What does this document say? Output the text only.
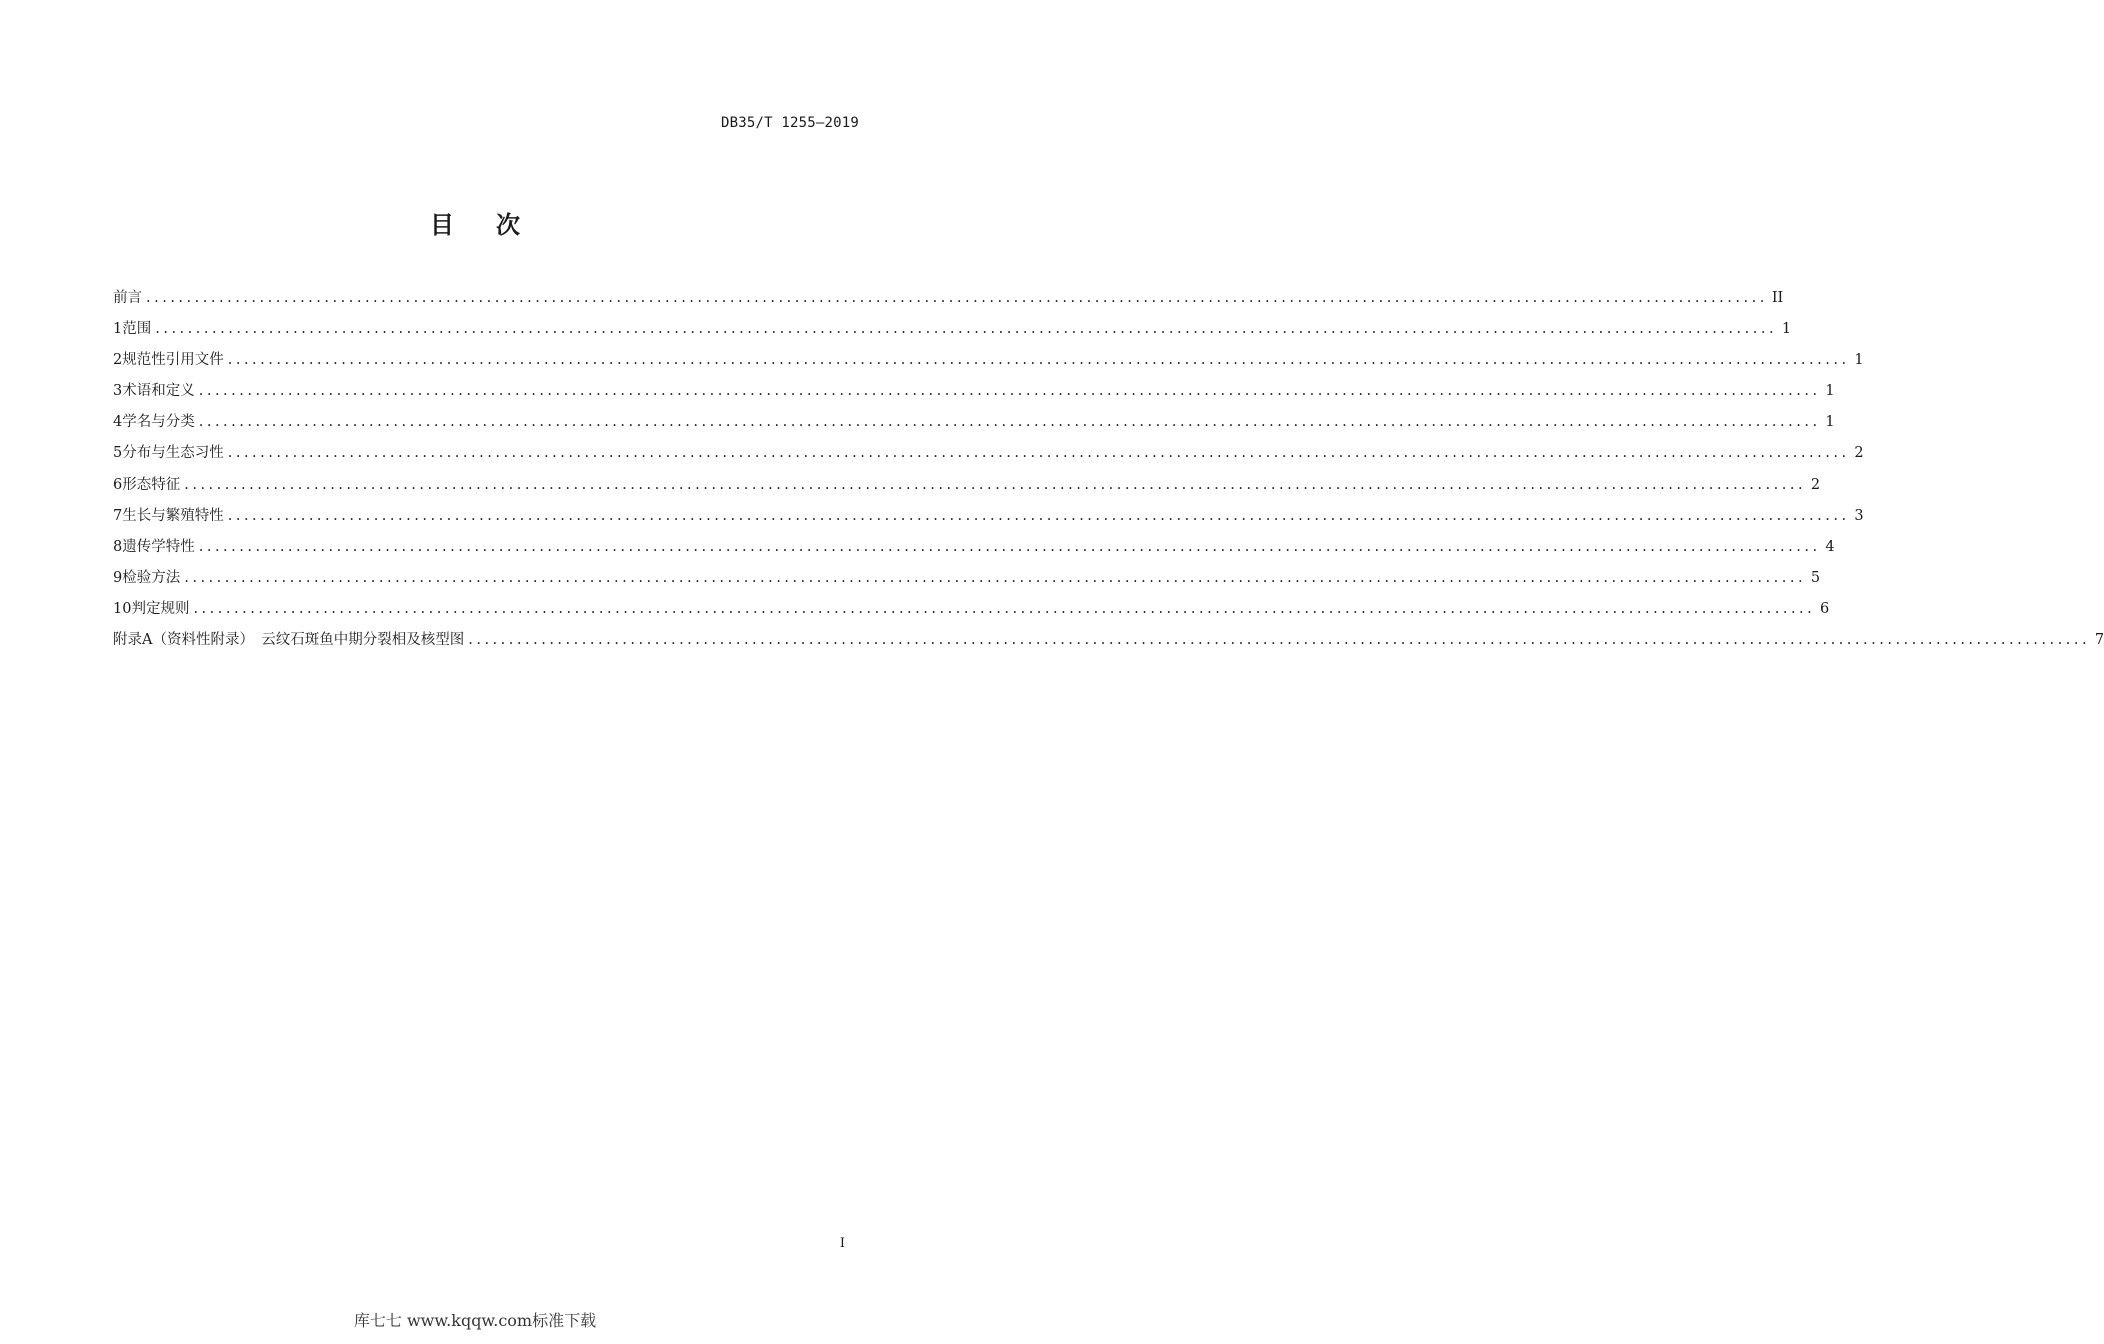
DB35/T 1255—2019
目次
前言 ........................................................................................................................................................................................................ II
1 范围 ........................................................................................................................................................................................................ 1
2 规范性引用文件 ........................................................................................................................................................................................................ 1
3 术语和定义 ........................................................................................................................................................................................................ 1
4 学名与分类 ........................................................................................................................................................................................................ 1
5 分布与生态习性 ........................................................................................................................................................................................................ 2
6 形态特征 ........................................................................................................................................................................................................ 2
7 生长与繁殖特性 ........................................................................................................................................................................................................ 3
8 遗传学特性 ........................................................................................................................................................................................................ 4
9 检验方法 ........................................................................................................................................................................................................ 5
10 判定规则 ........................................................................................................................................................................................................ 6
附录A（资料性附录）　云纹石斑鱼中期分裂相及核型图 ........................................................................................................................................................................................................ 7
I
库七七 www.kqqw.com标准下载
